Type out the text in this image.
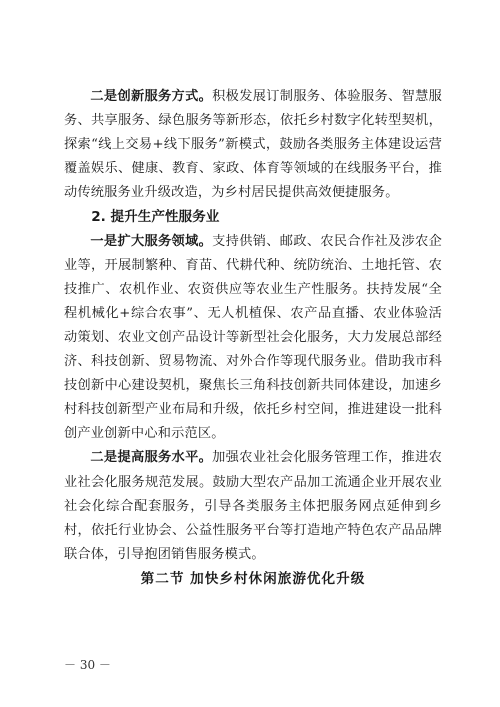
二是创新服务方式。积极发展订制服务、体验服务、智慧服务、共享服务、绿色服务等新形态，依托乡村数字化转型契机，探索“线上交易+线下服务”新模式，鼓励各类服务主体建设运营覆盖娱乐、健康、教育、家政、体育等领域的在线服务平台，推动传统服务业升级改造，为乡村居民提供高效便捷服务。

2. 提升生产性服务业

一是扩大服务领域。支持供销、邮政、农民合作社及涉农企业等，开展制繁种、育苗、代耕代种、统防统治、土地托管、农技推广、农机作业、农资供应等农业生产性服务。扶持发展“全程机械化+综合农事”、无人机植保、农产品直播、农业体验活动策划、农业文创产品设计等新型社会化服务，大力发展总部经济、科技创新、贸易物流、对外合作等现代服务业。借助我市科技创新中心建设契机，聚焦长三角科技创新共同体建设，加速乡村科技创新型产业布局和升级，依托乡村空间，推进建设一批科创产业创新中心和示范区。

二是提高服务水平。加强农业社会化服务管理工作，推进农业社会化服务规范发展。鼓励大型农产品加工流通企业开展农业社会化综合配套服务，引导各类服务主体把服务网点延伸到乡村，依托行业协会、公益性服务平台等打造地产特色农产品品牌联合体，引导抱团销售服务模式。

第二节 加快乡村休闲旅游优化升级

－ 30 －
